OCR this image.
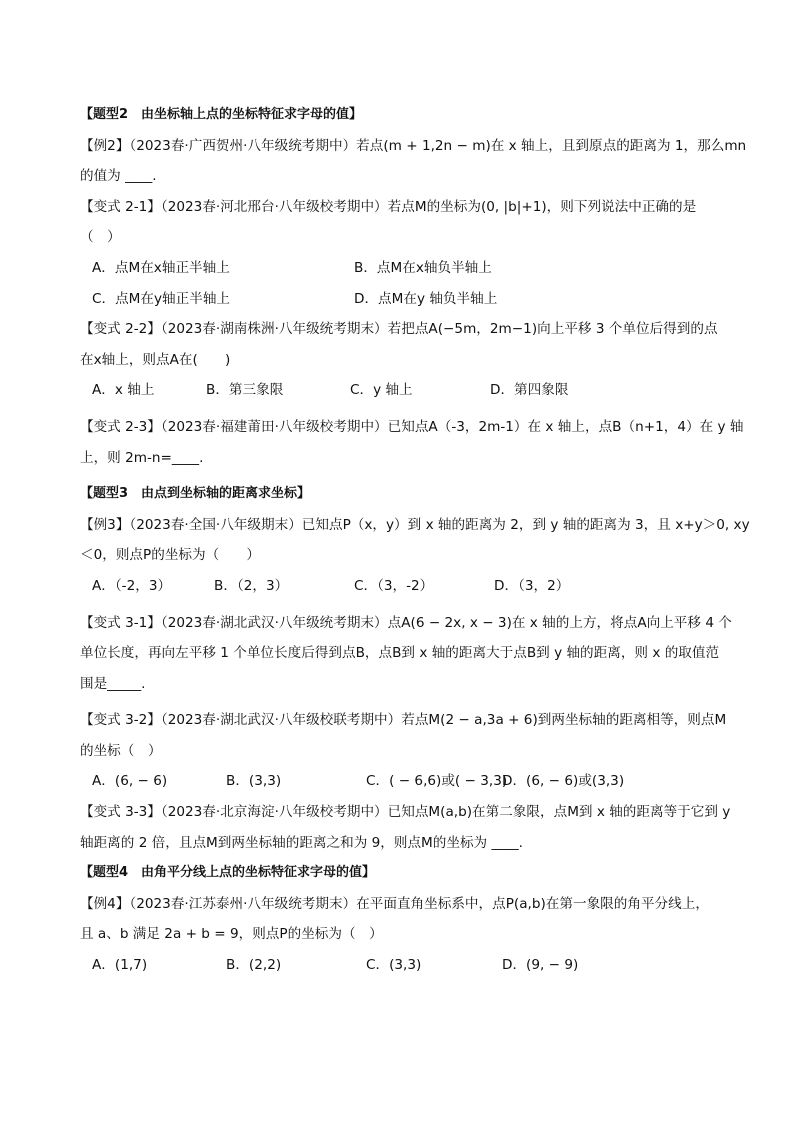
【题型2　由坐标轴上点的坐标特征求字母的值】
【例2】（2023春·广西贺州·八年级统考期中）若点(m + 1,2n − m)在 x 轴上，且到原点的距离为 1，那么mn
的值为 ____.
【变式 2-1】（2023春·河北邢台·八年级校考期中）若点M的坐标为(0, |b|+1)，则下列说法中正确的是
（　）
A．点M在x轴正半轴上	B．点M在x轴负半轴上
C．点M在y轴正半轴上	D．点M在y 轴负半轴上
【变式 2-2】（2023春·湖南株洲·八年级统考期末）若把点A(−5m，2m−1)向上平移 3 个单位后得到的点
在x轴上，则点A在(　　)
A．x 轴上	B．第三象限	C．y 轴上	D．第四象限
【变式 2-3】（2023春·福建莆田·八年级校考期中）已知点A（-3，2m-1）在 x 轴上，点B（n+1，4）在 y 轴
上，则 2m-n=____.
【题型3　由点到坐标轴的距离求坐标】
【例3】（2023春·全国·八年级期末）已知点P（x，y）到 x 轴的距离为 2，到 y 轴的距离为 3，且 x+y＞0, xy
＜0，则点P的坐标为（　　）
A．（-2，3）	B．（2，3）	C．（3，-2）	D．（3，2）
【变式 3-1】（2023春·湖北武汉·八年级统考期末）点A(6 − 2x, x − 3)在 x 轴的上方，将点A向上平移 4 个
单位长度，再向左平移 1 个单位长度后得到点B，点B到 x 轴的距离大于点B到 y 轴的距离，则 x 的取值范
围是_____.
【变式 3-2】（2023春·湖北武汉·八年级校联考期中）若点M(2 − a,3a + 6)到两坐标轴的距离相等，则点M
的坐标（　）
A．(6, − 6)	B．(3,3)	C．( − 6,6)或( − 3,3)
D．(6, − 6)或(3,3)
【变式 3-3】（2023春·北京海淀·八年级校考期中）已知点M(a,b)在第二象限，点M到 x 轴的距离等于它到 y
轴距离的 2 倍，且点M到两坐标轴的距离之和为 9，则点M的坐标为 ____.
【题型4　由角平分线上点的坐标特征求字母的值】
【例4】（2023春·江苏泰州·八年级统考期末）在平面直角坐标系中，点P(a,b)在第一象限的角平分线上，
且 a、b 满足 2a + b = 9，则点P的坐标为（　）
A．(1,7)	B．(2,2)	C．(3,3)	D．(9, − 9)
